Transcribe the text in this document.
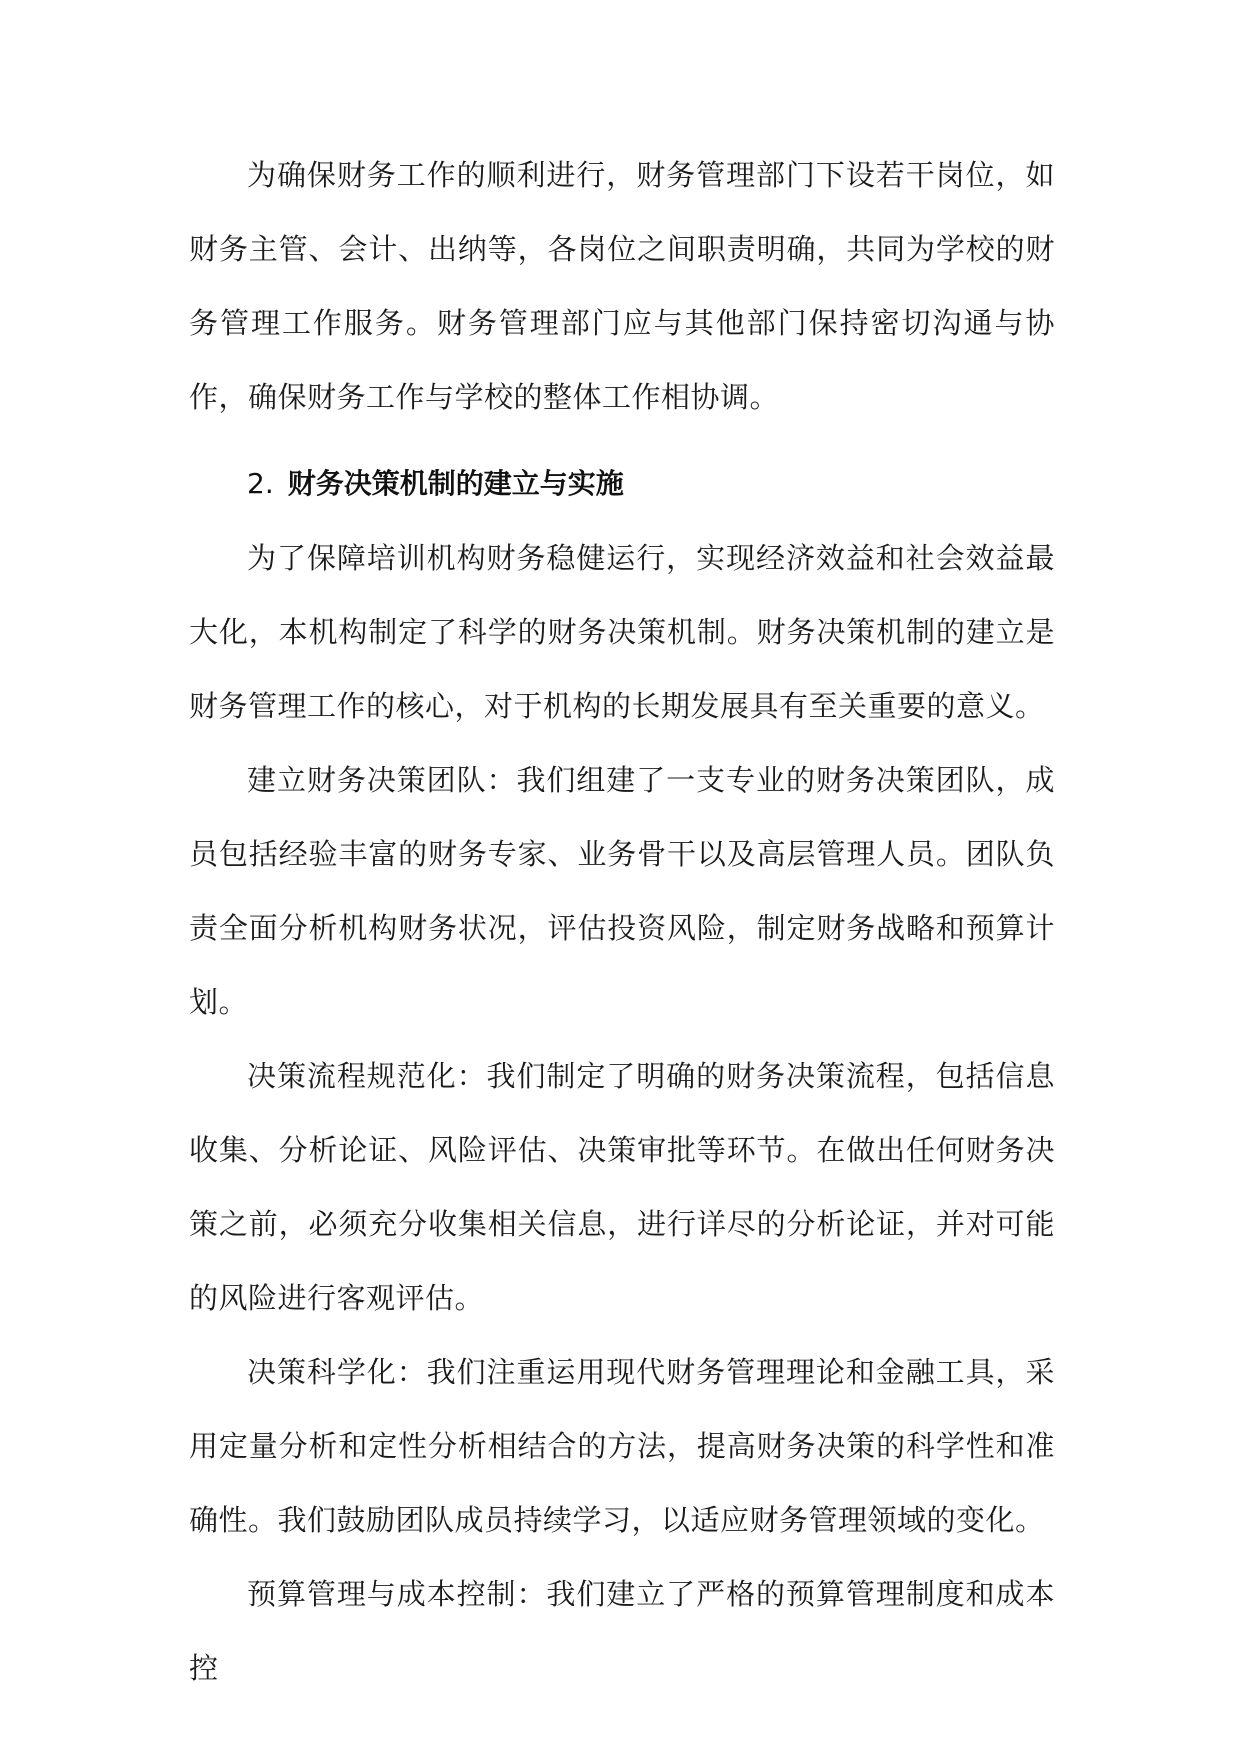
为确保财务工作的顺利进行，财务管理部门下设若干岗位，如财务主管、会计、出纳等，各岗位之间职责明确，共同为学校的财务管理工作服务。财务管理部门应与其他部门保持密切沟通与协作，确保财务工作与学校的整体工作相协调。

2. 财务决策机制的建立与实施

为了保障培训机构财务稳健运行，实现经济效益和社会效益最大化，本机构制定了科学的财务决策机制。财务决策机制的建立是财务管理工作的核心，对于机构的长期发展具有至关重要的意义。

建立财务决策团队：我们组建了一支专业的财务决策团队，成员包括经验丰富的财务专家、业务骨干以及高层管理人员。团队负责全面分析机构财务状况，评估投资风险，制定财务战略和预算计划。

决策流程规范化：我们制定了明确的财务决策流程，包括信息收集、分析论证、风险评估、决策审批等环节。在做出任何财务决策之前，必须充分收集相关信息，进行详尽的分析论证，并对可能的风险进行客观评估。

决策科学化：我们注重运用现代财务管理理论和金融工具，采用定量分析和定性分析相结合的方法，提高财务决策的科学性和准确性。我们鼓励团队成员持续学习，以适应财务管理领域的变化。

预算管理与成本控制：我们建立了严格的预算管理制度和成本控
